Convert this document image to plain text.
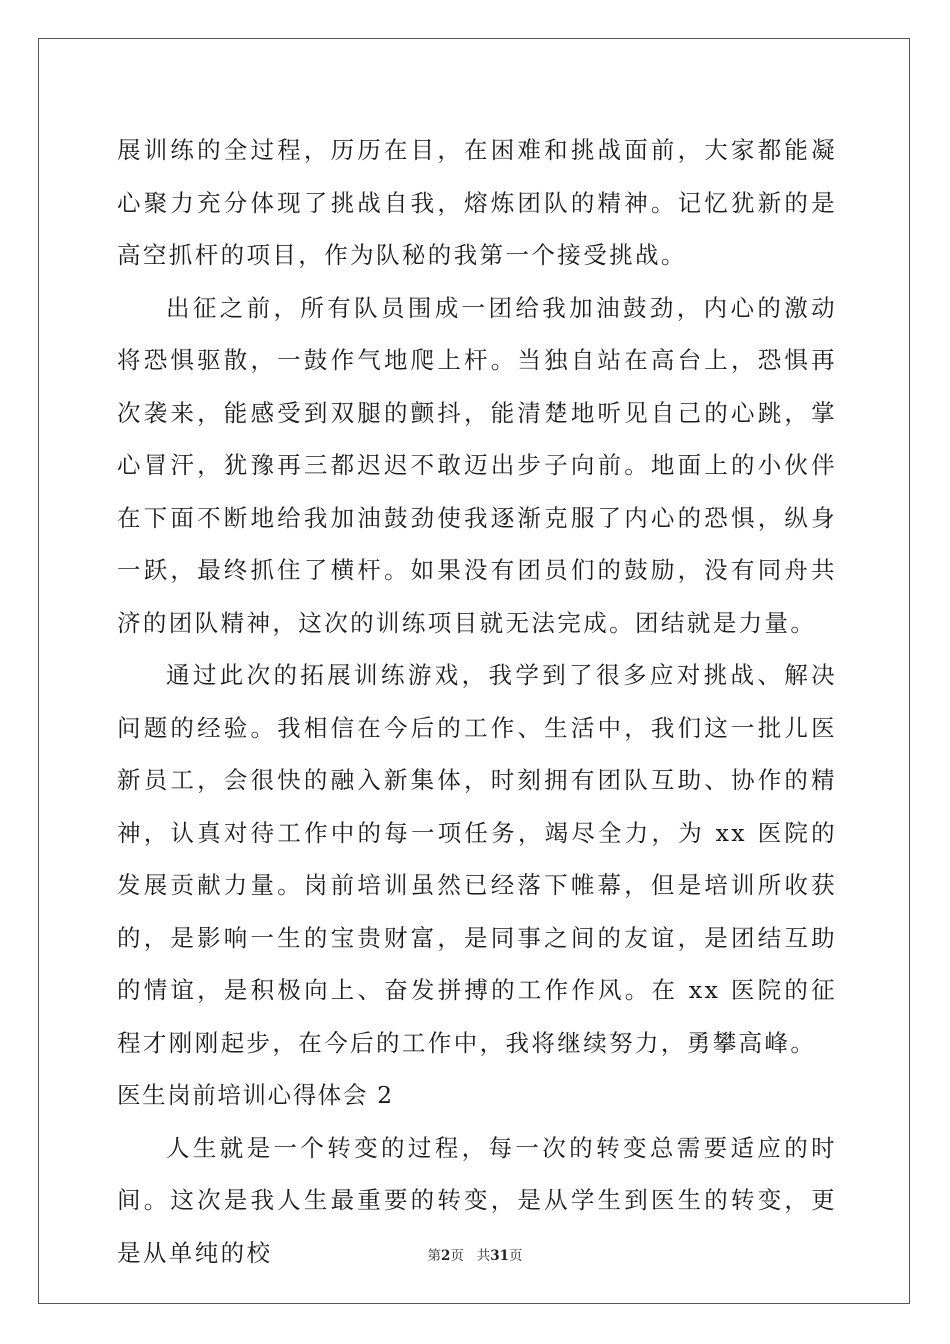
展训练的全过程，历历在目，在困难和挑战面前，大家都能凝心聚力充分体现了挑战自我，熔炼团队的精神。记忆犹新的是高空抓杆的项目，作为队秘的我第一个接受挑战。

出征之前，所有队员围成一团给我加油鼓劲，内心的激动将恐惧驱散，一鼓作气地爬上杆。当独自站在高台上，恐惧再次袭来，能感受到双腿的颤抖，能清楚地听见自己的心跳，掌心冒汗，犹豫再三都迟迟不敢迈出步子向前。地面上的小伙伴在下面不断地给我加油鼓劲使我逐渐克服了内心的恐惧，纵身一跃，最终抓住了横杆。如果没有团员们的鼓励，没有同舟共济的团队精神，这次的训练项目就无法完成。团结就是力量。

通过此次的拓展训练游戏，我学到了很多应对挑战、解决问题的经验。我相信在今后的工作、生活中，我们这一批儿医新员工，会很快的融入新集体，时刻拥有团队互助、协作的精神，认真对待工作中的每一项任务，竭尽全力，为 xx 医院的发展贡献力量。岗前培训虽然已经落下帷幕，但是培训所收获的，是影响一生的宝贵财富，是同事之间的友谊，是团结互助的情谊，是积极向上、奋发拼搏的工作作风。在 xx 医院的征程才刚刚起步，在今后的工作中，我将继续努力，勇攀高峰。

医生岗前培训心得体会 2

人生就是一个转变的过程，每一次的转变总需要适应的时间。这次是我人生最重要的转变，是从学生到医生的转变，更是从单纯的校	第2页 共31页
